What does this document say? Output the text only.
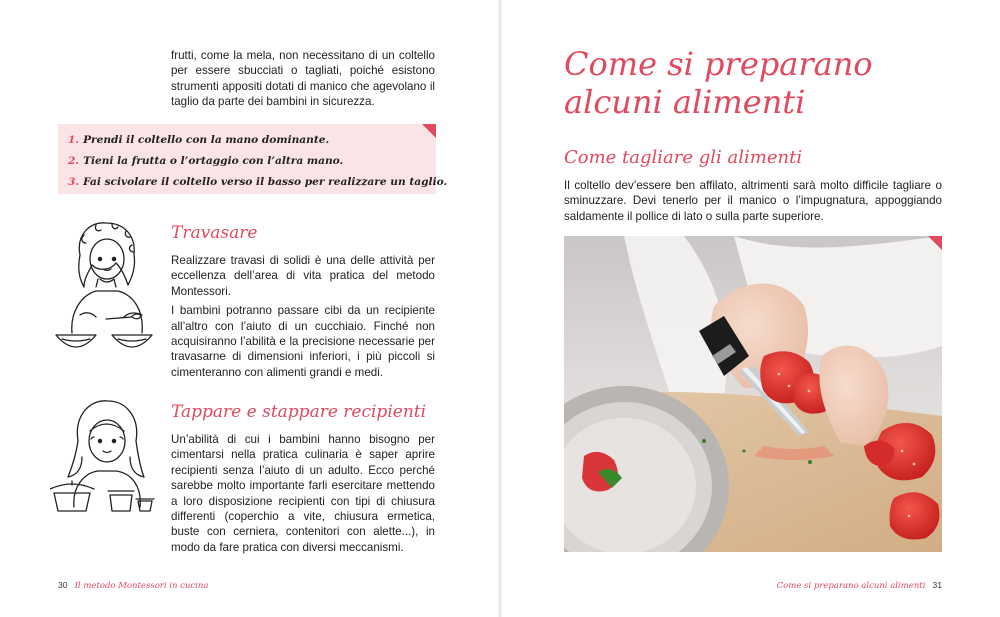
frutti, come la mela, non necessitano di un coltello per essere sbucciati o tagliati, poiché esistono strumenti appositi dotati di manico che agevolano il taglio da parte dei bambini in sicurezza.
1. Prendi il coltello con la mano dominante.
2. Tieni la frutta o l’ortaggio con l’altra mano.
3. Fai scivolare il coltello verso il basso per realizzare un taglio.
Travasare

Realizzare travasi di solidi è una delle attività per eccellenza dell’area di vita pratica del metodo Montessori.

I bambini potranno passare cibi da un recipiente all’altro con l’aiuto di un cucchiaio. Finché non acquisiranno l’abilità e la precisione necessarie per travasarne di dimensioni inferiori, i più piccoli si cimenteranno con alimenti grandi e medi.

Tappare e stappare recipienti
Un’abilità di cui i bambini hanno bisogno per cimentarsi nella pratica culinaria è saper aprire recipienti senza l’aiuto di un adulto. Ecco perché sarebbe molto importante farli esercitare mettendo a loro disposizione recipienti con tipi di chiusura differenti (coperchio a vite, chiusura ermetica, buste con cerniera, contenitori con alette...), in modo da fare pratica con diversi meccanismi.
30 Il metodo Montessori in cucina
Come si preparano
alcuni alimenti
Come tagliare gli alimenti
Il coltello dev’essere ben affilato, altrimenti sarà molto difficile tagliare o sminuzzare. Devi tenerlo per il manico o l’impugnatura, appoggiando saldamente il pollice di lato o sulla parte superiore.
Come si preparano alcuni alimenti 31
